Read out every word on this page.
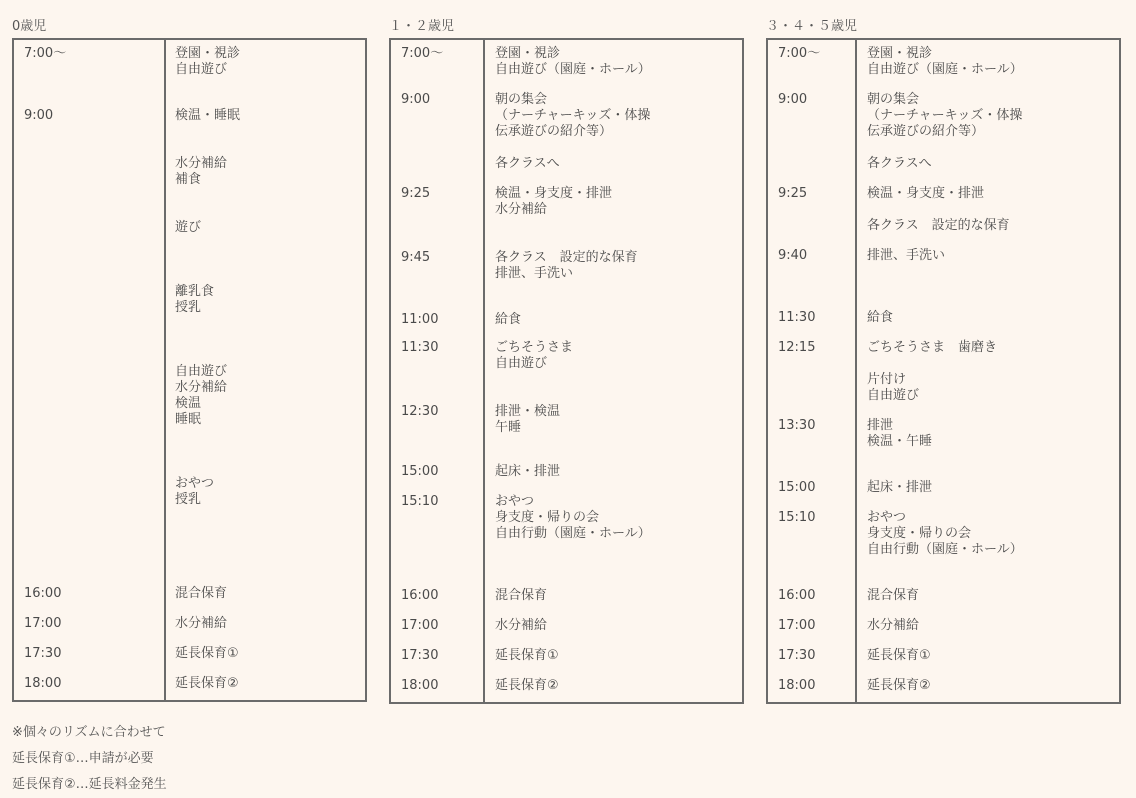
0歳児
7:00～	登園・視診
自由遊び
9:00	検温・睡眠
水分補給
補食
遊び
離乳食
授乳
自由遊び
水分補給
検温
睡眠
おやつ
授乳
16:00	混合保育
17:00	水分補給
17:30	延長保育①
18:00	延長保育②
１・２歳児
7:00～	登園・視診
自由遊び（園庭・ホール）
9:00	朝の集会
（ナーチャーキッズ・体操
伝承遊びの紹介等）
各クラスへ
9:25	検温・身支度・排泄
水分補給
9:45	各クラス　設定的な保育
排泄、手洗い
11:00	給食
11:30	ごちそうさま
自由遊び
12:30	排泄・検温
午睡
15:00	起床・排泄
15:10	おやつ
身支度・帰りの会
自由行動（園庭・ホール）
16:00	混合保育
17:00	水分補給
17:30	延長保育①
18:00	延長保育②
３・４・５歳児
7:00～	登園・視診
自由遊び（園庭・ホール）
9:00	朝の集会
（ナーチャーキッズ・体操
伝承遊びの紹介等）
各クラスへ
9:25	検温・身支度・排泄
各クラス　設定的な保育
9:40	排泄、手洗い
11:30	給食
12:15	ごちそうさま　歯磨き
片付け
自由遊び
13:30	排泄
検温・午睡
15:00	起床・排泄
15:10	おやつ
身支度・帰りの会
自由行動（園庭・ホール）
16:00	混合保育
17:00	水分補給
17:30	延長保育①
18:00	延長保育②
※個々のリズムに合わせて
延長保育①…申請が必要
延長保育②…延長料金発生
